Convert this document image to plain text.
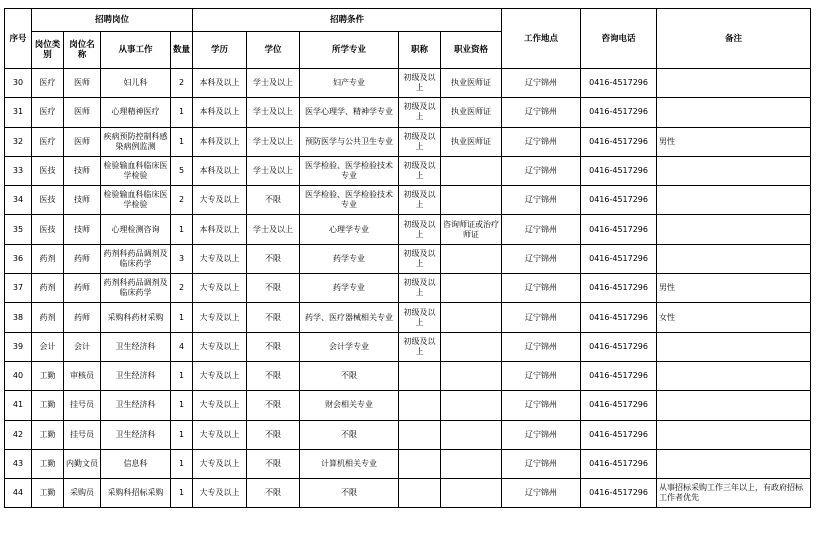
序号	招聘岗位				招聘条件					工作地点	咨询电话	备注
	岗位类别	岗位名称	从事工作	数量	学历	学位	所学专业	职称	职业资格			
30	医疗	医师	妇儿科	2	本科及以上	学士及以上	妇产专业	初级及以上	执业医师证	辽宁锦州	0416-4517296	
31	医疗	医师	心理精神医疗	1	本科及以上	学士及以上	医学心理学、精神学专业	初级及以上	执业医师证	辽宁锦州	0416-4517296	
32	医疗	医师	疾病预防控制科感染病例监测	1	本科及以上	学士及以上	预防医学与公共卫生专业	初级及以上	执业医师证	辽宁锦州	0416-4517296	男性
33	医技	技师	检验输血科临床医学检验	5	本科及以上	学士及以上	医学检验、医学检验技术专业	初级及以上		辽宁锦州	0416-4517296	
34	医技	技师	检验输血科临床医学检验	2	大专及以上	不限	医学检验、医学检验技术专业	初级及以上		辽宁锦州	0416-4517296	
35	医技	技师	心理检测咨询	1	本科及以上	学士及以上	心理学专业	初级及以上	咨询师证或治疗师证	辽宁锦州	0416-4517296	
36	药剂	药师	药剂科药品调剂及临床药学	3	大专及以上	不限	药学专业	初级及以上		辽宁锦州	0416-4517296	
37	药剂	药师	药剂科药品调剂及临床药学	2	大专及以上	不限	药学专业	初级及以上		辽宁锦州	0416-4517296	男性
38	药剂	药师	采购科药材采购	1	大专及以上	不限	药学、医疗器械相关专业	初级及以上		辽宁锦州	0416-4517296	女性
39	会计	会计	卫生经济科	4	大专及以上	不限	会计学专业	初级及以上		辽宁锦州	0416-4517296	
40	工勤	审核员	卫生经济科	1	大专及以上	不限	不限			辽宁锦州	0416-4517296	
41	工勤	挂号员	卫生经济科	1	大专及以上	不限	财会相关专业			辽宁锦州	0416-4517296	
42	工勤	挂号员	卫生经济科	1	大专及以上	不限	不限			辽宁锦州	0416-4517296	
43	工勤	内勤文员	信息科	1	大专及以上	不限	计算机相关专业			辽宁锦州	0416-4517296	
44	工勤	采购员	采购科招标采购	1	大专及以上	不限	不限			辽宁锦州	0416-4517296	从事招标采购工作三年以上，有政府招标工作者优先
